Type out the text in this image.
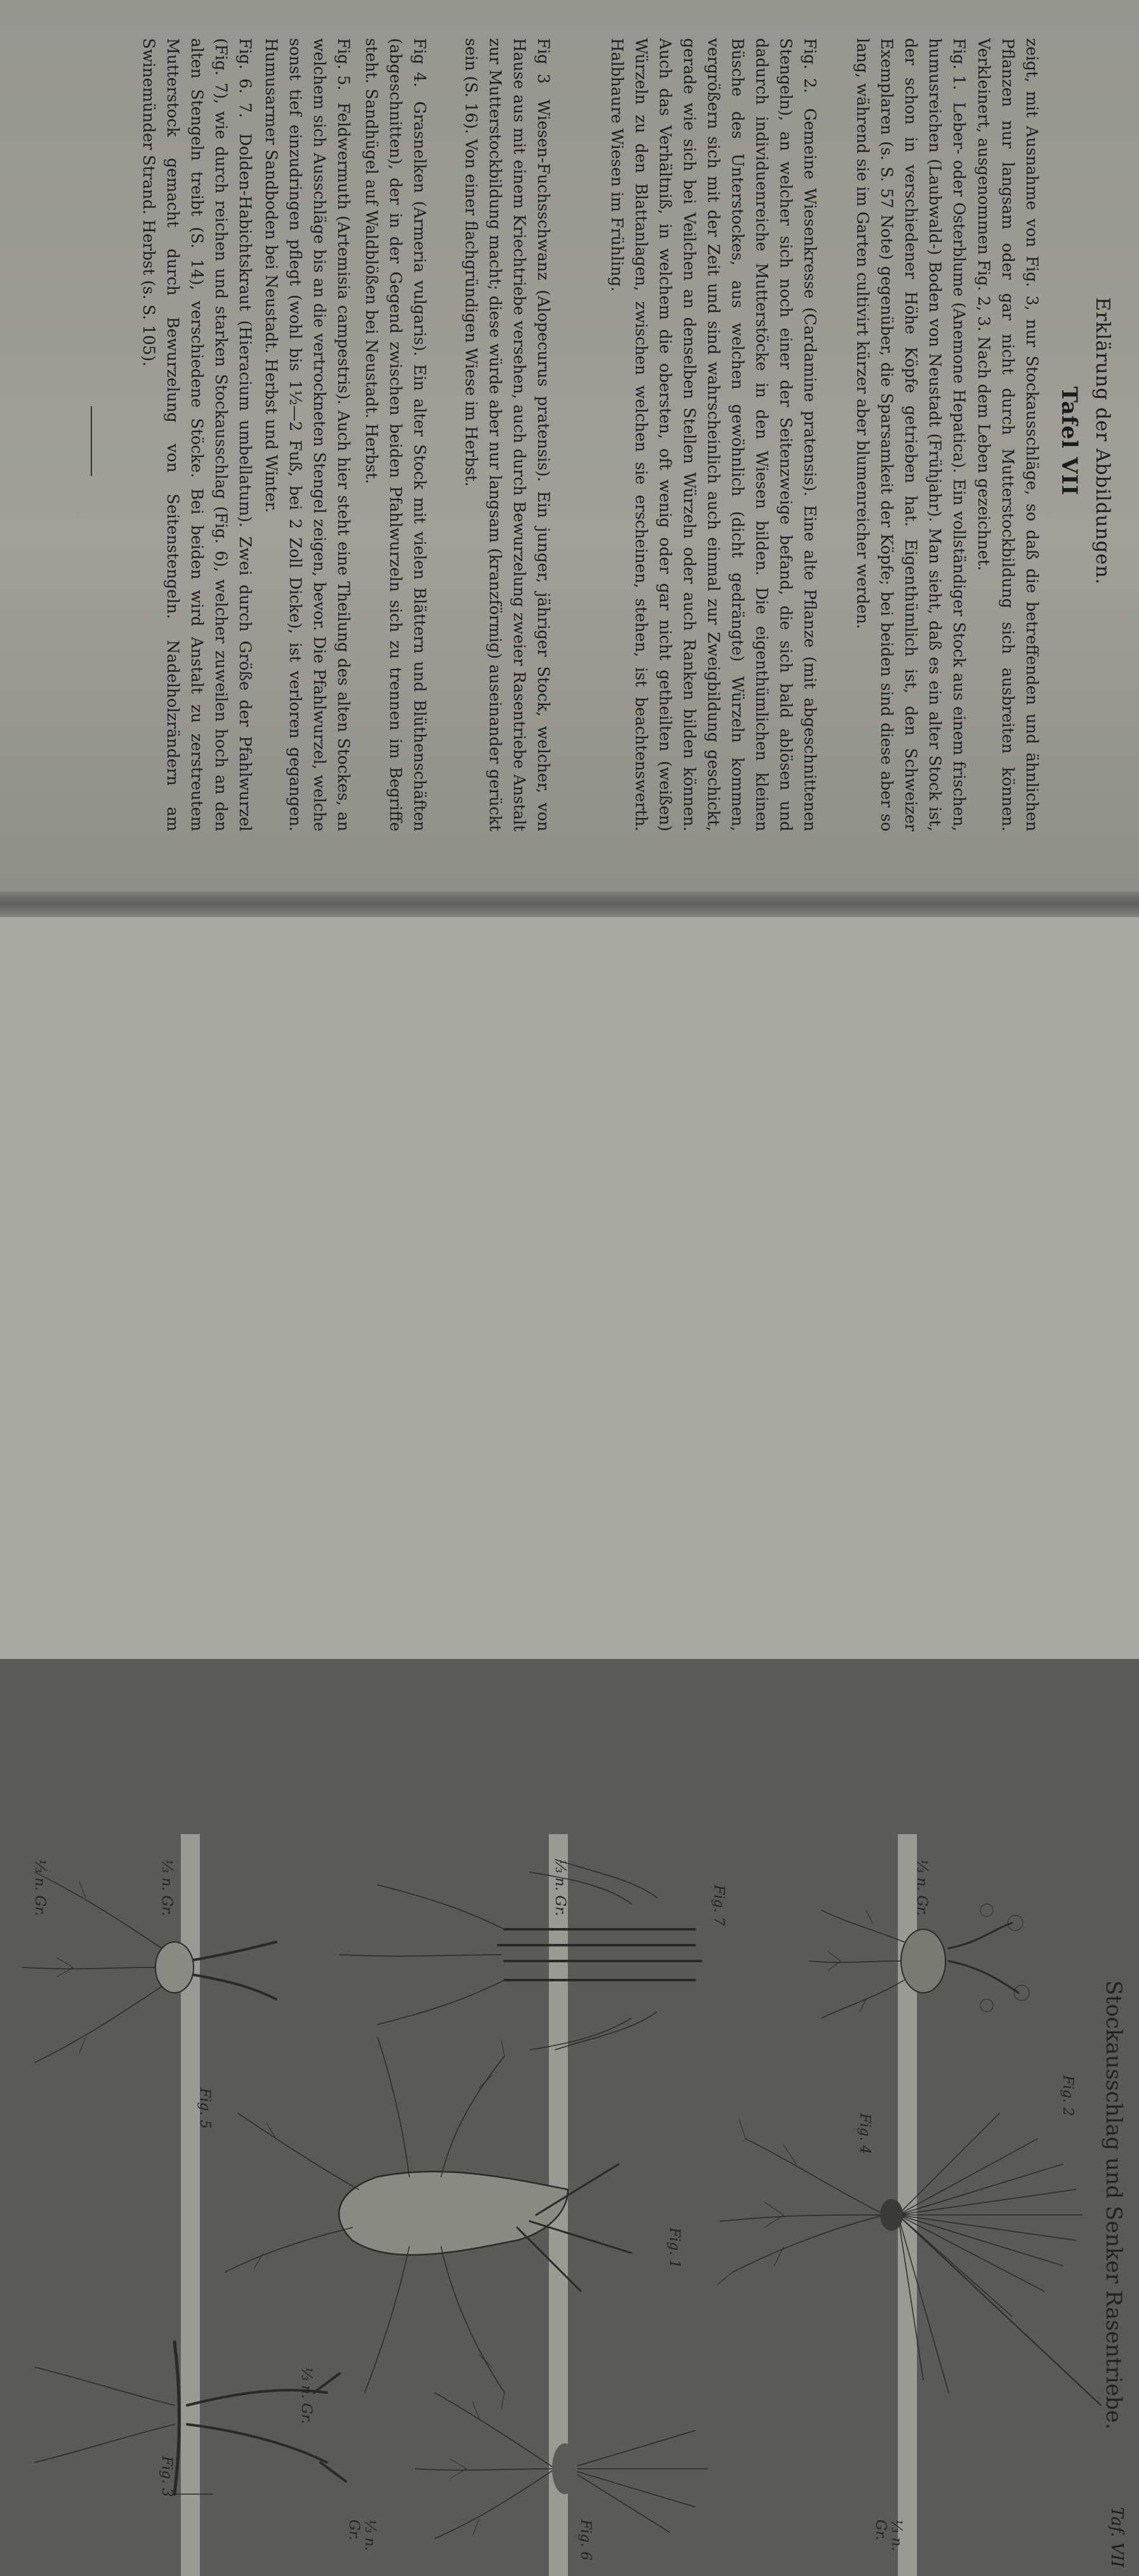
Erklärung der Abbildungen.
Tafel VII
zeigt, mit Ausnahme von Fig. 3, nur Stockausschläge, so daß die betreffenden und ähnlichen Pflanzen nur langsam oder gar nicht durch Mutterstockbildung sich ausbreiten können. Verkleinert, ausgenommen Fig. 2, 3. Nach dem Leben gezeichnet.
Fig. 1. Leber- oder Osterblume (Anemone Hepatica). Ein vollständiger Stock aus einem frischen, humusreichen (Laubwald-) Boden von Neustadt (Frühjahr). Man sieht, daß es ein alter Stock ist, der schon in verschiedener Höhe Köpfe getrieben hat. Eigenthümlich ist, den Schweizer Exemplaren (s. S. 57 Note) gegenüber, die Sparsamkeit der Köpfe; bei beiden sind diese aber so lang, während sie im Garten cultivirt kürzer aber blumenreicher werden.
Fig. 2. Gemeine Wiesenkresse (Cardamine pratensis). Eine alte Pflanze (mit abgeschnittenen Stengeln), an welcher sich noch einer der Seitenzweige befand, die sich bald ablösen und dadurch individuenreiche Mutterstöcke in den Wiesen bilden. Die eigenthümlichen kleinen Büsche des Unterstockes, aus welchen gewöhnlich (dicht gedrängte) Würzeln kommen, vergrößern sich mit der Zeit und sind wahrscheinlich auch einmal zur Zweigbildung geschickt, gerade wie sich bei Veilchen an denselben Stellen Würzeln oder auch Ranken bilden können. Auch das Verhältniß, in welchem die obersten, oft wenig oder gar nicht getheilten (weißen) Würzeln zu den Blattanlagen, zwischen welchen sie erscheinen, stehen, ist beachtenswerth. Halbhaure Wiesen im Frühling.
Fig 3 Wiesen-Fuchsschwanz (Alopecurus pratensis). Ein junger, jähriger Stock, welcher, von Hause aus mit einem Kriechtriebe versehen, auch durch Bewurzelung zweier Rasentriebe Anstalt zur Mutterstockbildung macht; diese würde aber nur langsam (kranzförmig) auseinander gerückt sein (S. 16). Von einer flachgründigen Wiese im Herbst.
Fig 4. Grasnelken (Armeria vulgaris). Ein alter Stock mit vielen Blättern und Blüthenschäften (abgeschnitten), der in der Gegend zwischen beiden Pfahlwurzeln sich zu trennen im Begriffe steht. Sandhügel auf Waldblößen bei Neustadt. Herbst.
Fig. 5. Feldwermuth (Artemisia campestris). Auch hier steht eine Theilung des alten Stockes, an welchem sich Ausschläge bis an die vertrockneten Stengel zeigen, bevor. Die Pfahlwurzel, welche sonst tief einzudringen pflegt (wohl bis 1½—2 Fuß, bei 2 Zoll Dicke), ist verloren gegangen. Humusarmer Sandboden bei Neustadt. Herbst und Winter.
Fig. 6. 7. Dolden-Habichtskraut (Hieracium umbellatum). Zwei durch Größe der Pfahlwurzel (Fig. 7), wie durch reichen und starken Stockausschlag (Fig. 6), welcher zuweilen hoch an den alten Stengeln treibt (S. 14), verschiedene Stöcke. Bei beiden wird Anstalt zu zerstreutem Mutterstock gemacht durch Bewurzelung von Seitenstengeln. Nadelholzrändern am Swinemünder Strand. Herbst (s. S. 105).
Stockausschlag und Senker Rasentriebe.
Taf. VII
Fig. 2
⅓ n. Gr.
Fig. 4
⅓ n. Gr.
Fig. 7
⅓ n. Gr.
Fig. 1
⅓ n. Gr.
Fig. 6
⅓ n. Gr.
Fig. 5
⅓ n. Gr.
Fig. 3
⅓ n. Gr.
